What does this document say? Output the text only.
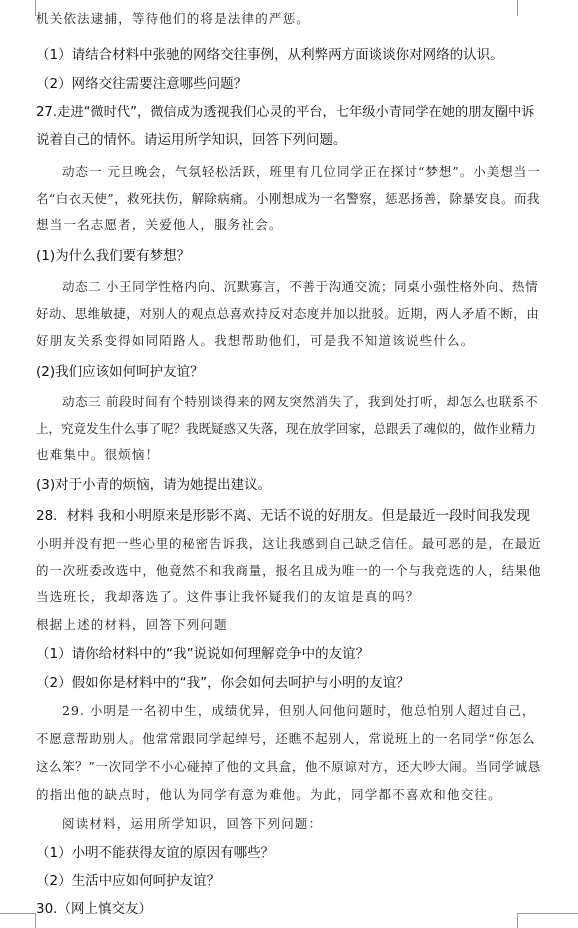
机关依法逮捕，等待他们的将是法律的严惩。
（1）请结合材料中张驰的网络交往事例，从利弊两方面谈谈你对网络的认识。
（2）网络交往需要注意哪些问题？
27.走进“微时代”，微信成为透视我们心灵的平台，七年级小青同学在她的朋友圈中诉
说着自己的情怀。请运用所学知识，回答下列问题。
动态一 元旦晚会，气氛轻松活跃，班里有几位同学正在探讨“梦想”。小美想当一
名“白衣天使”，救死扶伤，解除病痛。小刚想成为一名警察，惩恶扬善，除暴安良。而我
想当一名志愿者，关爱他人，服务社会。
(1)为什么我们要有梦想？
动态二 小王同学性格内向、沉默寡言，不善于沟通交流；同桌小强性格外向、热情
好动、思维敏捷，对别人的观点总喜欢持反对态度并加以批驳。近期，两人矛盾不断，由
好朋友关系变得如同陌路人。我想帮助他们，可是我不知道该说些什么。
(2)我们应该如何呵护友谊？
动态三 前段时间有个特别谈得来的网友突然消失了，我到处打听，却怎么也联系不
上，究竟发生什么事了呢？我既疑惑又失落，现在放学回家，总跟丢了魂似的，做作业精力
也难集中。很烦恼！
(3)对于小青的烦恼，请为她提出建议。
28．材料 我和小明原来是形影不离、无话不说的好朋友。但是最近一段时间我发现
小明并没有把一些心里的秘密告诉我，这让我感到自己缺乏信任。最可恶的是，在最近
的一次班委改选中，他竟然不和我商量，报名且成为唯一的一个与我竞选的人，结果他
当选班长，我却落选了。这件事让我怀疑我们的友谊是真的吗？
根据上述的材料，回答下列问题
（1）请你给材料中的“我”说说如何理解竞争中的友谊？
（2）假如你是材料中的“我”，你会如何去呵护与小明的友谊？
29. 小明是一名初中生，成绩优异，但别人问他问题时，他总怕别人超过自己，
不愿意帮助别人。他常常跟同学起绰号，还瞧不起别人，常说班上的一名同学“你怎么
这么笨？”一次同学不小心碰掉了他的文具盒，他不原谅对方，还大吵大闹。当同学诚恳
的指出他的缺点时，他认为同学有意为难他。为此，同学都不喜欢和他交往。
阅读材料，运用所学知识，回答下列问题：
（1）小明不能获得友谊的原因有哪些？
（2）生活中应如何呵护友谊？
30.（网上慎交友）
